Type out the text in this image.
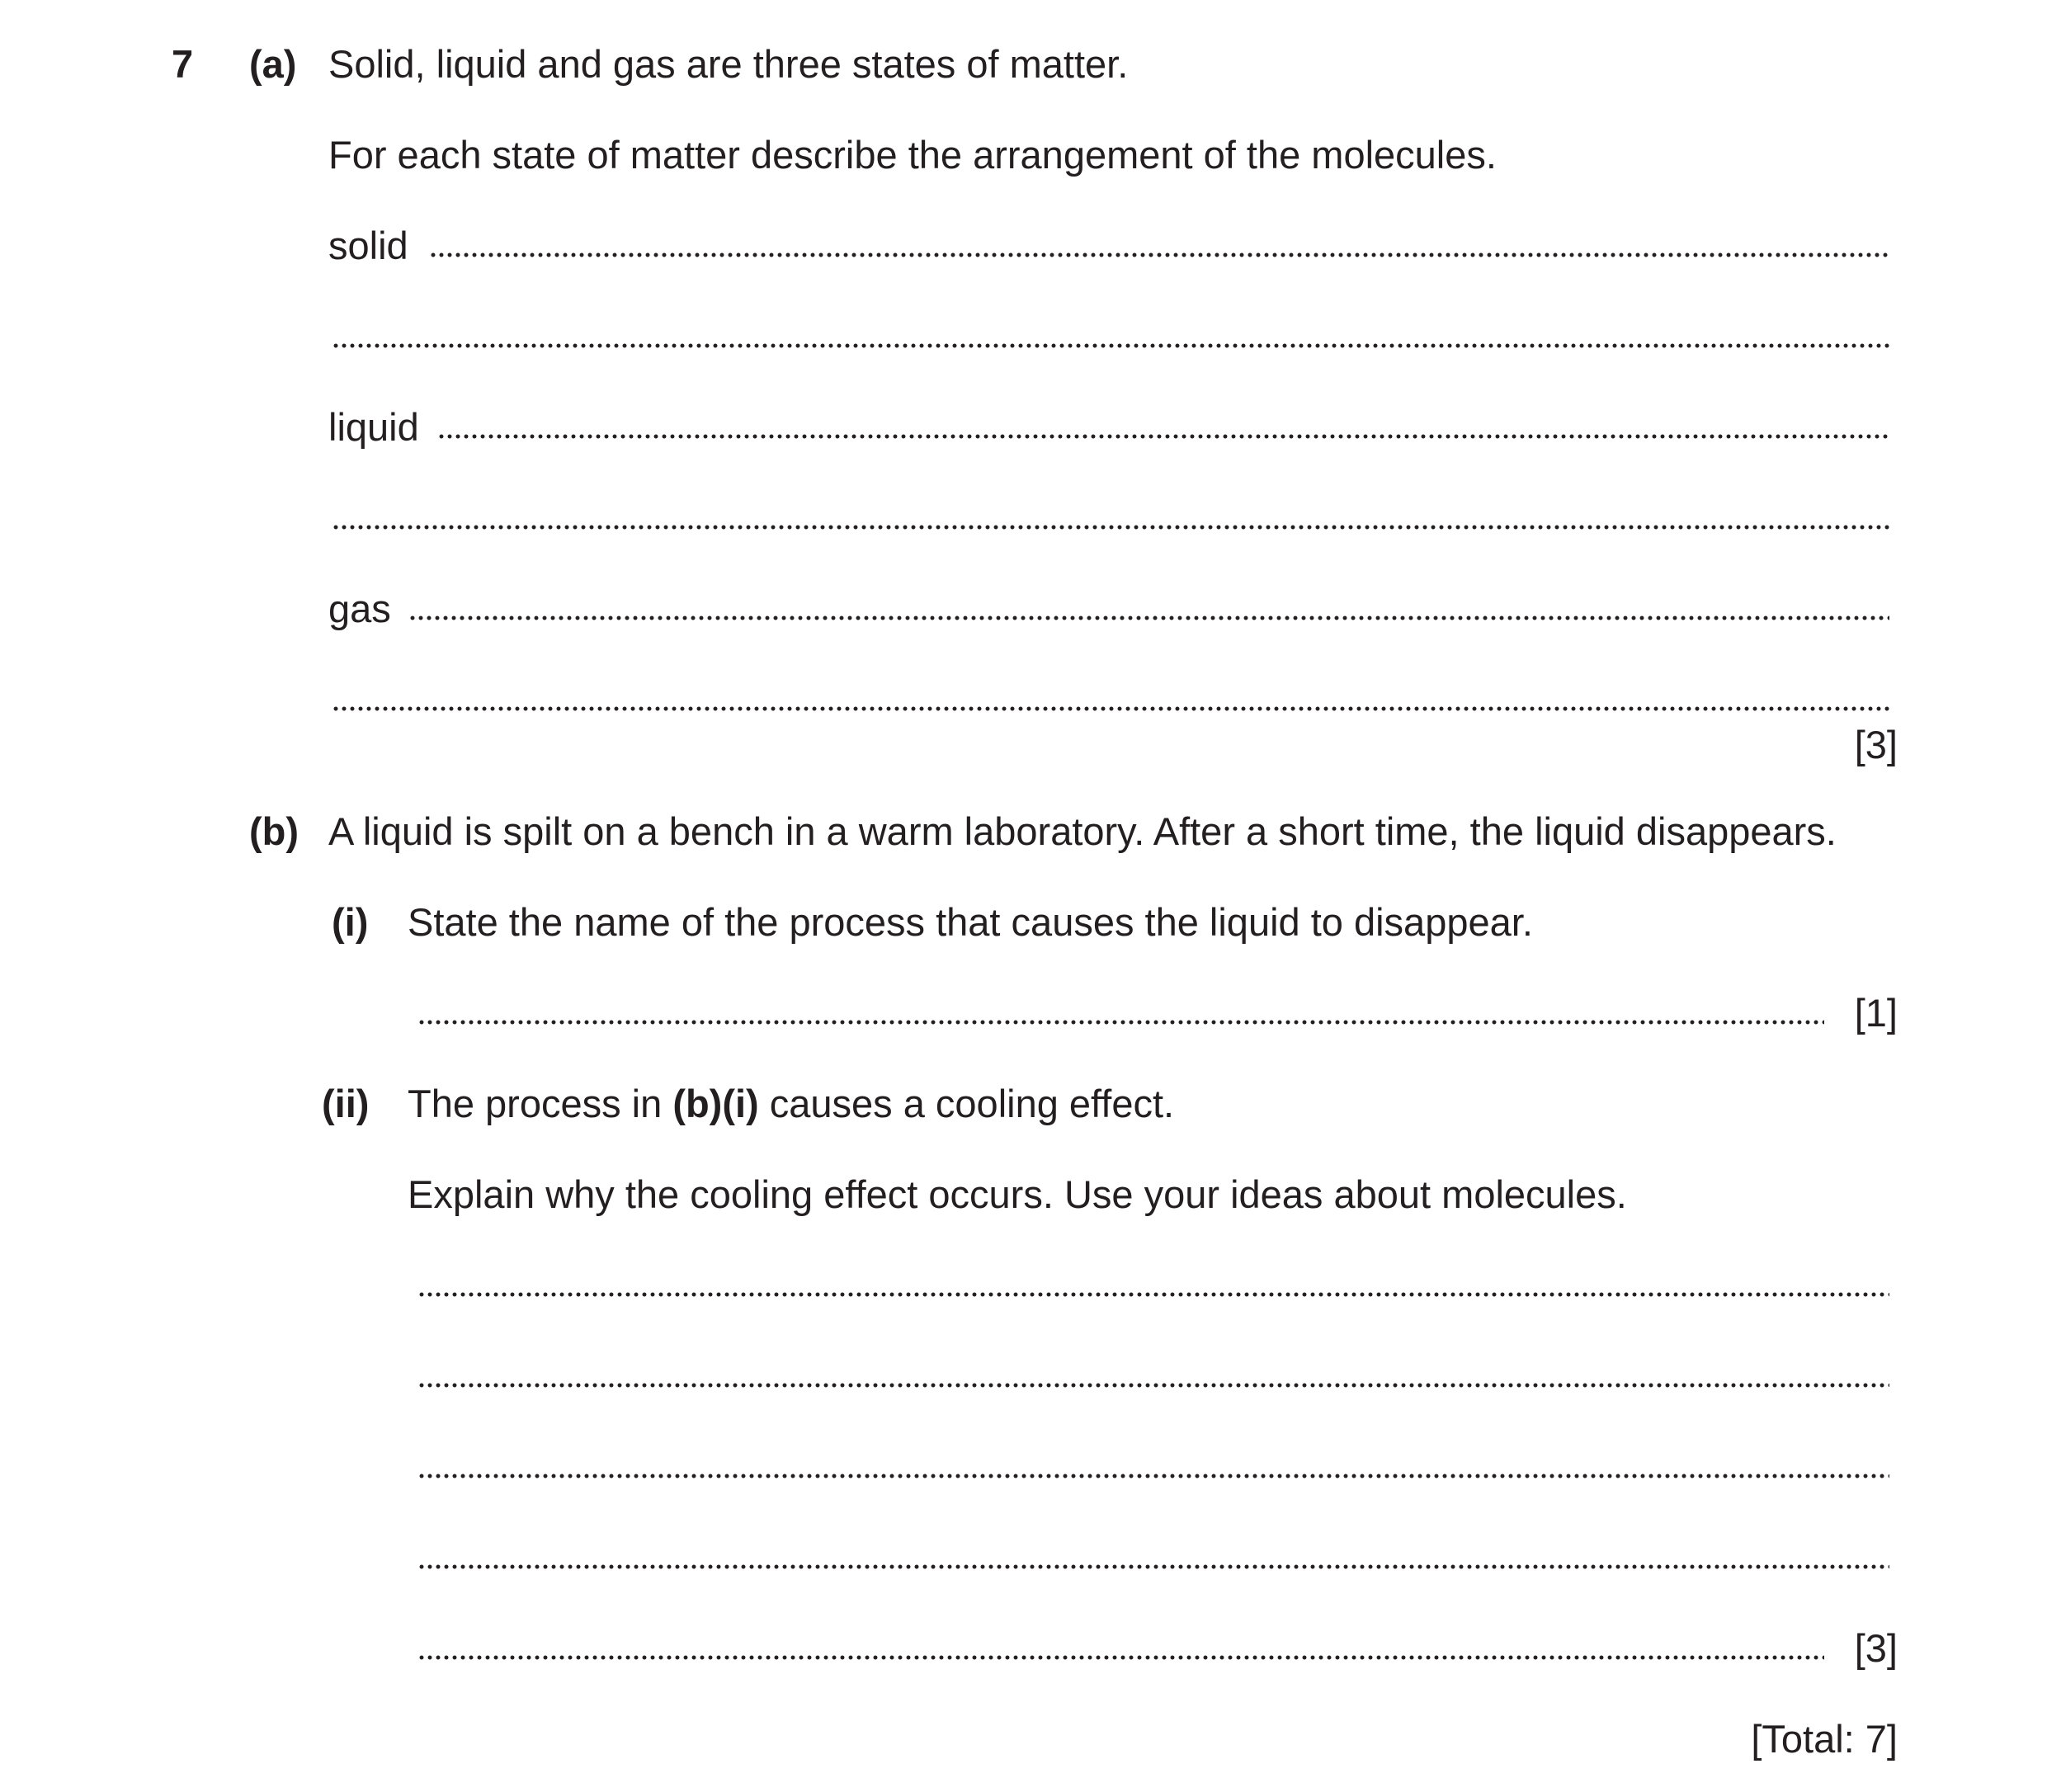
7 (a) Solid, liquid and gas are three states of matter.
For each state of matter describe the arrangement of the molecules.
solid
liquid
gas
[3]
(b) A liquid is spilt on a bench in a warm laboratory. After a short time, the liquid disappears.
(i) State the name of the process that causes the liquid to disappear.
[1]
(ii) The process in (b)(i) causes a cooling effect.
Explain why the cooling effect occurs. Use your ideas about molecules.
[3]
[Total: 7]
